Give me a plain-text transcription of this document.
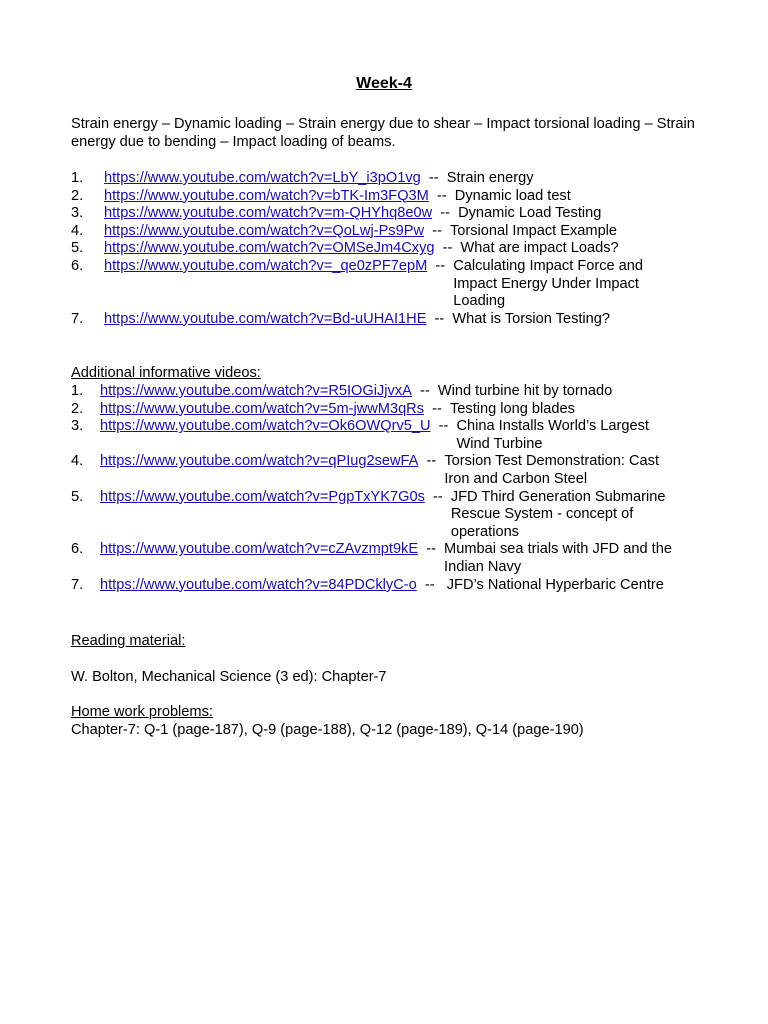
Week-4
Strain energy – Dynamic loading – Strain energy due to shear – Impact torsional loading – Strain energy due to bending – Impact loading of beams.
1. https://www.youtube.com/watch?v=LbY_i3pO1vg -- Strain energy
2. https://www.youtube.com/watch?v=bTK-Im3FQ3M -- Dynamic load test
3. https://www.youtube.com/watch?v=m-QHYhq8e0w -- Dynamic Load Testing
4. https://www.youtube.com/watch?v=QoLwj-Ps9Pw -- Torsional Impact Example
5. https://www.youtube.com/watch?v=OMSeJm4Cxyg -- What are impact Loads?
6. https://www.youtube.com/watch?v=_qe0zPF7epM -- Calculating Impact Force and Impact Energy Under Impact Loading
7. https://www.youtube.com/watch?v=Bd-uUHAI1HE -- What is Torsion Testing?
Additional informative videos:
1. https://www.youtube.com/watch?v=R5IOGiJjvxA -- Wind turbine hit by tornado
2. https://www.youtube.com/watch?v=5m-jwwM3qRs -- Testing long blades
3. https://www.youtube.com/watch?v=Ok6OWQrv5_U -- China Installs World’s Largest Wind Turbine
4. https://www.youtube.com/watch?v=qPIug2sewFA -- Torsion Test Demonstration: Cast Iron and Carbon Steel
5. https://www.youtube.com/watch?v=PgpTxYK7G0s -- JFD Third Generation Submarine Rescue System - concept of operations
6. https://www.youtube.com/watch?v=cZAvzmpt9kE -- Mumbai sea trials with JFD and the Indian Navy
7. https://www.youtube.com/watch?v=84PDCklyC-o -- JFD’s National Hyperbaric Centre
Reading material:
W. Bolton, Mechanical Science (3 ed): Chapter-7
Home work problems:
Chapter-7: Q-1 (page-187), Q-9 (page-188), Q-12 (page-189), Q-14 (page-190)
